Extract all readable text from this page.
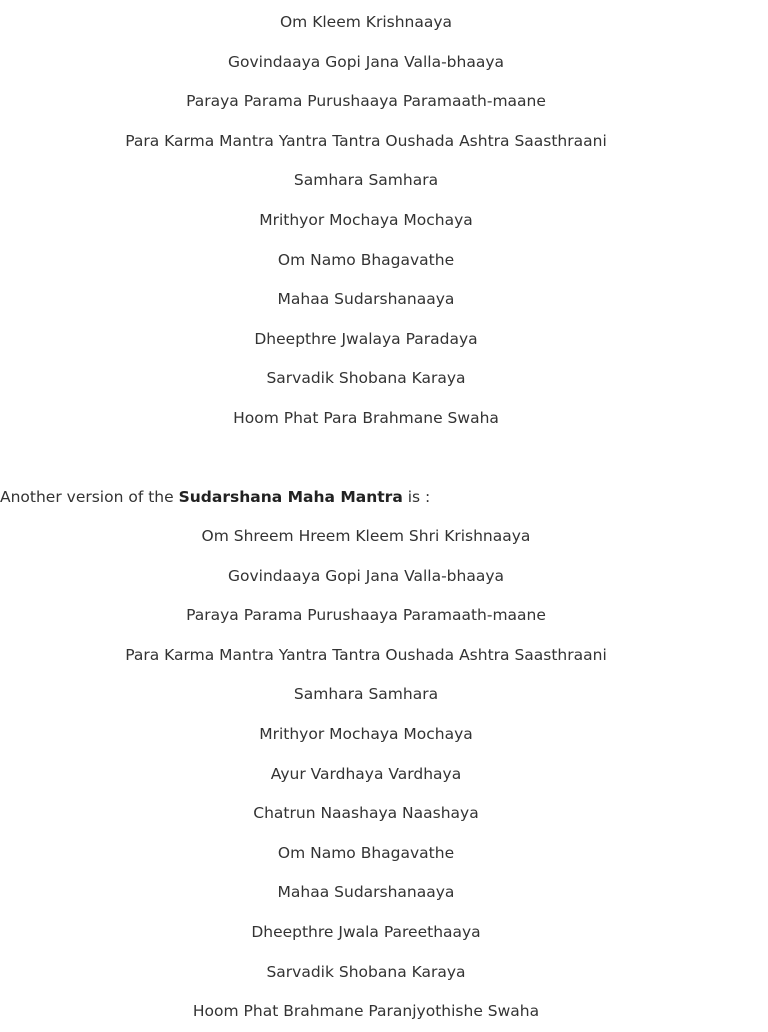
Om Kleem Krishnaaya
Govindaaya Gopi Jana Valla-bhaaya
Paraya Parama Purushaaya Paramaath-maane
Para Karma Mantra Yantra Tantra Oushada Ashtra Saasthraani
Samhara Samhara
Mrithyor Mochaya Mochaya
Om Namo Bhagavathe
Mahaa Sudarshanaaya
Dheepthre Jwalaya Paradaya
Sarvadik Shobana Karaya
Hoom Phat Para Brahmane Swaha

Another version of the Sudarshana Maha Mantra is :

Om Shreem Hreem Kleem Shri Krishnaaya
Govindaaya Gopi Jana Valla-bhaaya
Paraya Parama Purushaaya Paramaath-maane
Para Karma Mantra Yantra Tantra Oushada Ashtra Saasthraani
Samhara Samhara
Mrithyor Mochaya Mochaya
Ayur Vardhaya Vardhaya
Chatrun Naashaya Naashaya
Om Namo Bhagavathe
Mahaa Sudarshanaaya
Dheepthre Jwala Pareethaaya
Sarvadik Shobana Karaya
Hoom Phat Brahmane Paranjyothishe Swaha
